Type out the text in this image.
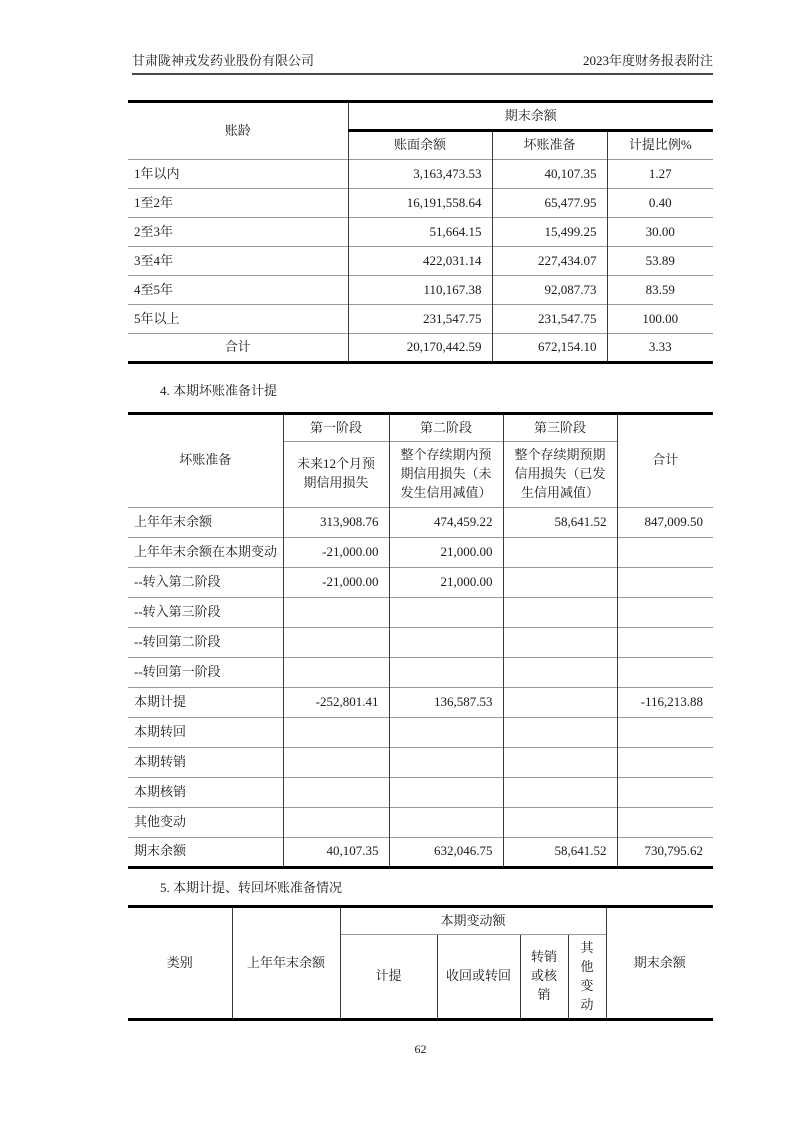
甘肃陇神戎发药业股份有限公司	2023年度财务报表附注
账龄	期末余额		
	账面余额	坏账准备	计提比例%
1年以内	3,163,473.53	40,107.35	1.27
1至2年	16,191,558.64	65,477.95	0.40
2至3年	51,664.15	15,499.25	30.00
3至4年	422,031.14	227,434.07	53.89
4至5年	110,167.38	92,087.73	83.59
5年以上	231,547.75	231,547.75	100.00
合计	20,170,442.59	672,154.10	3.33
4. 本期坏账准备计提
坏账准备	第一阶段	第二阶段	第三阶段	合计
	未来12个月预期信用损失	整个存续期内预期信用损失（未发生信用减值）	整个存续期预期信用损失（已发生信用减值）	
上年年末余额	313,908.76	474,459.22	58,641.52	847,009.50
上年年末余额在本期变动	-21,000.00	21,000.00		
--转入第二阶段	-21,000.00	21,000.00		
--转入第三阶段				
--转回第二阶段				
--转回第一阶段				
本期计提	-252,801.41	136,587.53		-116,213.88
本期转回				
本期转销				
本期核销				
其他变动				
期末余额	40,107.35	632,046.75	58,641.52	730,795.62
5. 本期计提、转回坏账准备情况
类别	上年年末余额	本期变动额				期末余额
		计提	收回或转回	转销或核销	其他变动	
62
